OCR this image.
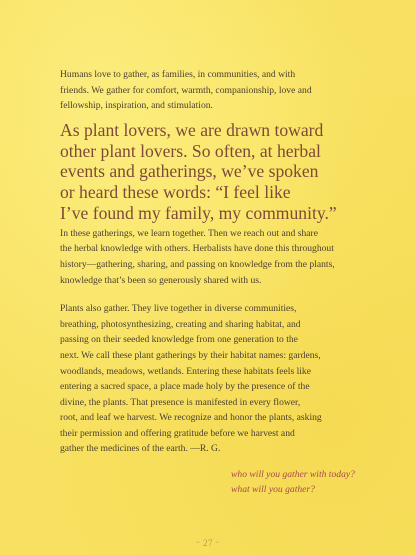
Humans love to gather, as families, in communities, and with
friends. We gather for comfort, warmth, companionship, love and
fellowship, inspiration, and stimulation.

As plant lovers, we are drawn toward
other plant lovers. So often, at herbal
events and gatherings, we’ve spoken
or heard these words: “I feel like
I’ve found my family, my community.”

In these gatherings, we learn together. Then we reach out and share
the herbal knowledge with others. Herbalists have done this throughout
history—gathering, sharing, and passing on knowledge from the plants,
knowledge that’s been so generously shared with us.

Plants also gather. They live together in diverse communities,
breathing, photosynthesizing, creating and sharing habitat, and
passing on their seeded knowledge from one generation to the
next. We call these plant gatherings by their habitat names: gardens,
woodlands, meadows, wetlands. Entering these habitats feels like
entering a sacred space, a place made holy by the presence of the
divine, the plants. That presence is manifested in every flower,
root, and leaf we harvest. We recognize and honor the plants, asking
their permission and offering gratitude before we harvest and
gather the medicines of the earth. —R. G.

who will you gather with today?
what will you gather?
~ 27 ~
